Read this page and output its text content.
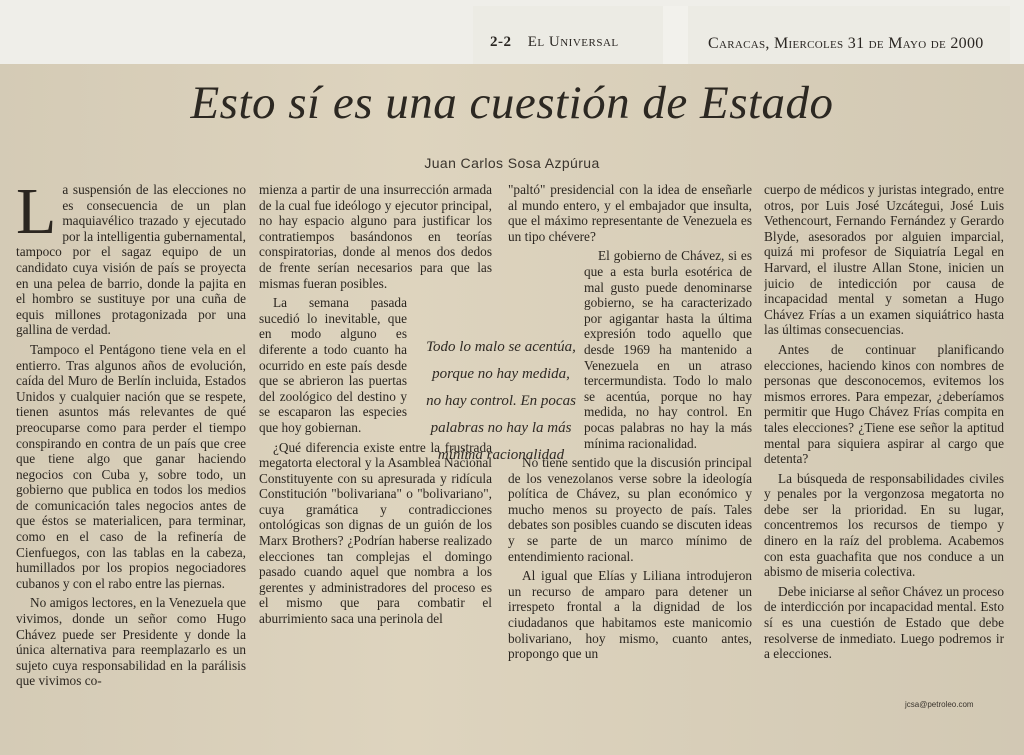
2-2 El Universal	Caracas, Miercoles 31 de Mayo de 2000
Esto sí es una cuestión de Estado
Juan Carlos Sosa Azpúrua

La suspensión de las elecciones no es consecuencia de un plan maquiavélico trazado y ejecutado por la intelligentia gubernamental, tampoco por el sagaz equipo de un candidato cuya visión de país se proyecta en una pelea de barrio, donde la pajita en el hombro se sustituye por una cuña de equis millones protagonizada por una gallina de verdad.

Tampoco el Pentágono tiene vela en el entierro. Tras algunos años de evolución, caída del Muro de Berlín incluida, Estados Unidos y cualquier nación que se respete, tienen asuntos más relevantes de qué preocuparse como para perder el tiempo conspirando en contra de un país que cree que tiene algo que ganar haciendo negocios con Cuba y, sobre todo, un gobierno que publica en todos los medios de comunicación tales negocios antes de que éstos se materialicen, para terminar, como en el caso de la refinería de Cienfuegos, con las tablas en la cabeza, humillados por los propios negociadores cubanos y con el rabo entre las piernas.

No amigos lectores, en la Venezuela que vivimos, donde un señor como Hugo Chávez puede ser Presidente y donde la única alternativa para reemplazarlo es un sujeto cuya responsabilidad en la parálisis que vivimos co-

mienza a partir de una insurrección armada de la cual fue ideólogo y ejecutor principal, no hay espacio alguno para justificar los contratiempos basándonos en teorías conspiratorias, donde al menos dos dedos de frente serían necesarios para que las mismas fueran posibles.

La semana pasada sucedió lo inevitable, que en modo alguno es diferente a todo cuanto ha ocurrido en este país desde que se abrieron las puertas del zoológico del destino y se escaparon las especies que hoy gobiernan.

¿Qué diferencia existe entre la frustrada megatorta electoral y la Asamblea Nacional Constituyente con su apresurada y ridícula Constitución "bolivariana" o "bolivariano", cuya gramática y contradicciones ontológicas son dignas de un guión de los Marx Brothers? ¿Podrían haberse realizado elecciones tan complejas el domingo pasado cuando aquel que nombra a los gerentes y administradores del proceso es el mismo que para combatir el aburrimiento saca una perinola del

"paltó" presidencial con la idea de enseñarle al mundo entero, y el embajador que insulta, que el máximo representante de Venezuela es un tipo chévere?

El gobierno de Chávez, si es que a esta burla esotérica de mal gusto puede denominarse gobierno, se ha caracterizado por agigantar hasta la última expresión todo aquello que desde 1969 ha mantenido a Venezuela en un atraso tercermundista. Todo lo malo se acentúa, porque no hay medida, no hay control. En pocas palabras no hay la más mínima racionalidad.

No tiene sentido que la discusión principal de los venezolanos verse sobre la ideología política de Chávez, su plan económico y mucho menos su proyecto de país. Tales debates son posibles cuando se discuten ideas y se parte de un marco mínimo de entendimiento racional.

Al igual que Elías y Liliana introdujeron un recurso de amparo para detener un irrespeto frontal a la dignidad de los ciudadanos que habitamos este manicomio bolivariano, hoy mismo, cuanto antes, propongo que un

cuerpo de médicos y juristas integrado, entre otros, por Luis José Uzcátegui, José Luis Vethencourt, Fernando Fernández y Gerardo Blyde, asesorados por alguien imparcial, quizá mi profesor de Siquiatría Legal en Harvard, el ilustre Allan Stone, inicien un juicio de intedicción por causa de incapacidad mental y sometan a Hugo Chávez Frías a un examen siquiátrico hasta las últimas consecuencias.

Antes de continuar planificando elecciones, haciendo kinos con nombres de personas que desconocemos, evitemos los mismos errores. Para empezar, ¿deberíamos permitir que Hugo Chávez Frías compita en tales elecciones? ¿Tiene ese señor la aptitud mental para siquiera aspirar al cargo que detenta?

La búsqueda de responsabilidades civiles y penales por la vergonzosa megatorta no debe ser la prioridad. En su lugar, concentremos los recursos de tiempo y dinero en la raíz del problema. Acabemos con esta guachafita que nos conduce a un abismo de miseria colectiva.

Debe iniciarse al señor Chávez un proceso de interdicción por incapacidad mental. Esto sí es una cuestión de Estado que debe resolverse de inmediato. Luego podremos ir a elecciones.

Todo lo malo se acentúa, porque no hay medida, no hay control. En pocas palabras no hay la más mínima racionalidad
jcsa@petroleo.com
